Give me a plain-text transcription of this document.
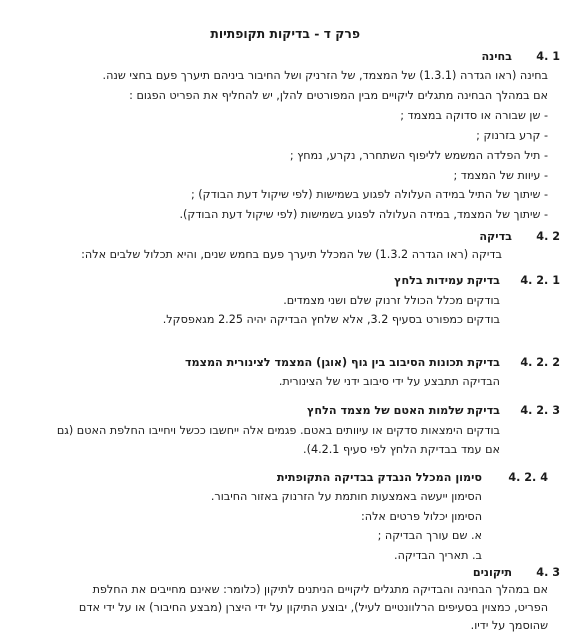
פרק ד - בדיקות תקופתיות
4. 1
בחינה
בחינה (ראו הגדרה (1.3.1) של המצמד, של הזרניק ושל החיבור ביניהם תיערך פעם בחצי שנה.
אם במהלך הבחינה מתגלים ליקויים מבין המפורטים להלן, יש להחליף את הפריט הפגום :
- שן שבורה או סדוקה במצמד ;
- קרע בזרנוק ;
- תיל הפלדה המשמש לליפוף השתחרר, נקרע, נמחץ ;
- עיוות של המצמד ;
- שיתוך של התיל במידה העלולה לפגוע בשמישות (לפי שיקול דעת הבודק) ;
- שיתוך של המצמד, במידה העלולה לפגוע בשמישות (לפי שיקול דעת הבודק).
4. 2
בדיקה
בדיקה (ראו הגדרה 1.3.2) של המכלל תיערך פעם בחמש שנים, והיא תכלול שלבים אלה:
4. 2. 1
בדיקת עמידות בלחץ
בודקים מכלל הכולל זרנוק שלם ושני מצמדים.
בודקים כמפורט בסעיף 3.2, אלא שלחץ הבדיקה יהיה 2.25 מגאפסקל.
4. 2. 2
בדיקת תכונות הסיבוב בין גוף (אוגן) המצמד לצינורית המצמד
הבדיקה תתבצע על ידי סיבוב ידני של הצינורית.
4. 2. 3
בדיקת שלמות האטם של מצמד הלחץ
בודקים הימצאות סדקים או עיוותים באטם. פגמים אלה ייחשבו ככשל ויחייבו החלפת האטם (גם
אם עמד בבדיקת הלחץ לפי סעיף 4.2.1).
4. 2. 4
סימון המכלל הנבדק בבדיקה התקופתית
הסימון ייעשה באמצעות חותמת על הזרנוק באזור החיבור.
הסימון יכלול פרטים אלה:
א. שם עורך הבדיקה ;
ב. תאריך הבדיקה.
4. 3
תיקונים
אם במהלך הבחינה והבדיקה מתגלים ליקויים הניתנים לתיקון (כלומר: שאינם מחייבים את החלפת
הפריט, כמצוין בסעיפים הרלוונטיים לעיל), יבוצע התיקון על ידי היצרן (מבצע החיבור) או על ידי אדם
שהוסמך על ידיו.
